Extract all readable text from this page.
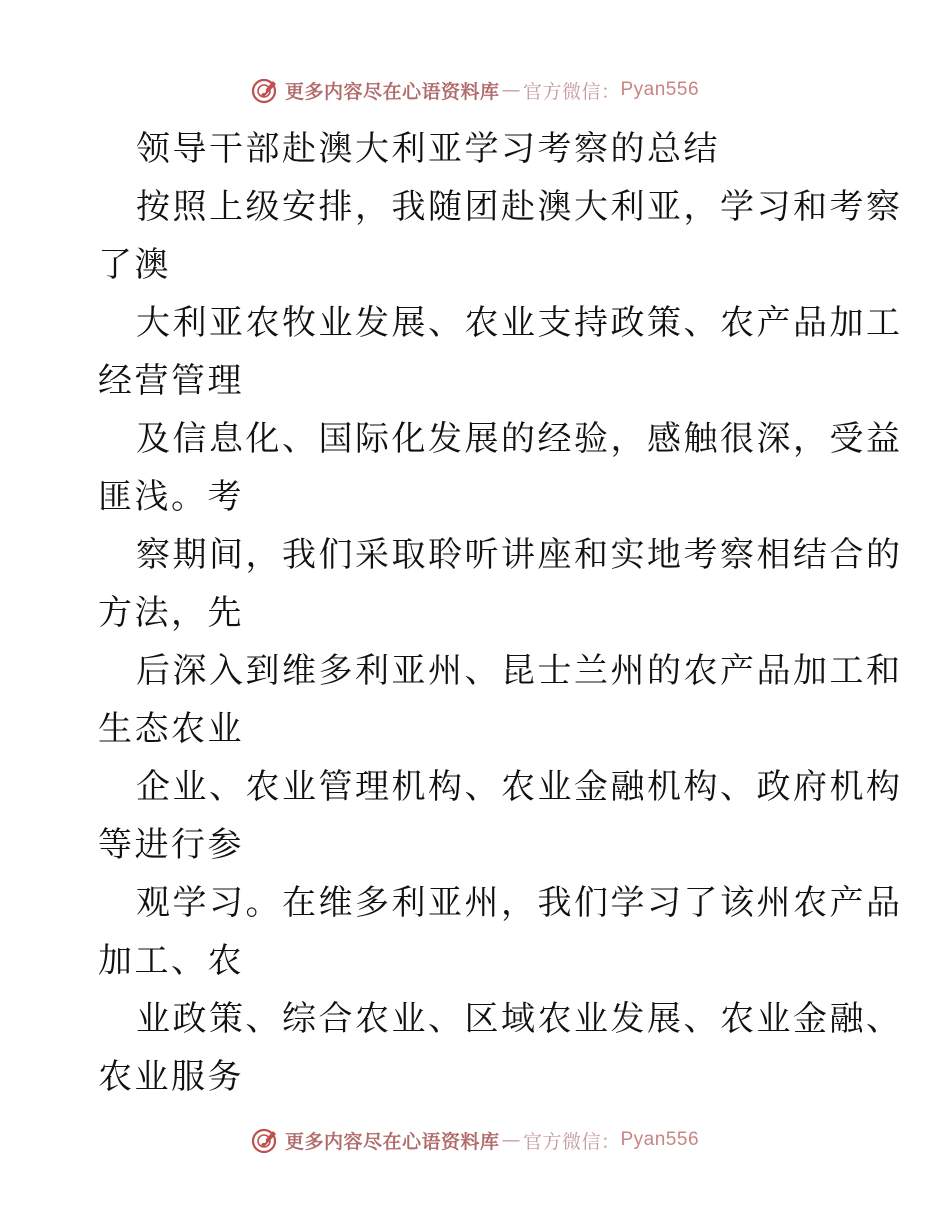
更多内容尽在心语资料库 — 官方微信： Pyan556
领导干部赴澳大利亚学习考察的总结
按照上级安排，我随团赴澳大利亚，学习和考察
了澳
大利亚农牧业发展、农业支持政策、农产品加工
经营管理
及信息化、国际化发展的经验，感触很深，受益
匪浅。考
察期间，我们采取聆听讲座和实地考察相结合的
方法，先
后深入到维多利亚州、昆士兰州的农产品加工和
生态农业
企业、农业管理机构、农业金融机构、政府机构
等进行参
观学习。在维多利亚州，我们学习了该州农产品
加工、农
业政策、综合农业、区域农业发展、农业金融、
农业服务
更多内容尽在心语资料库 — 官方微信： Pyan556
